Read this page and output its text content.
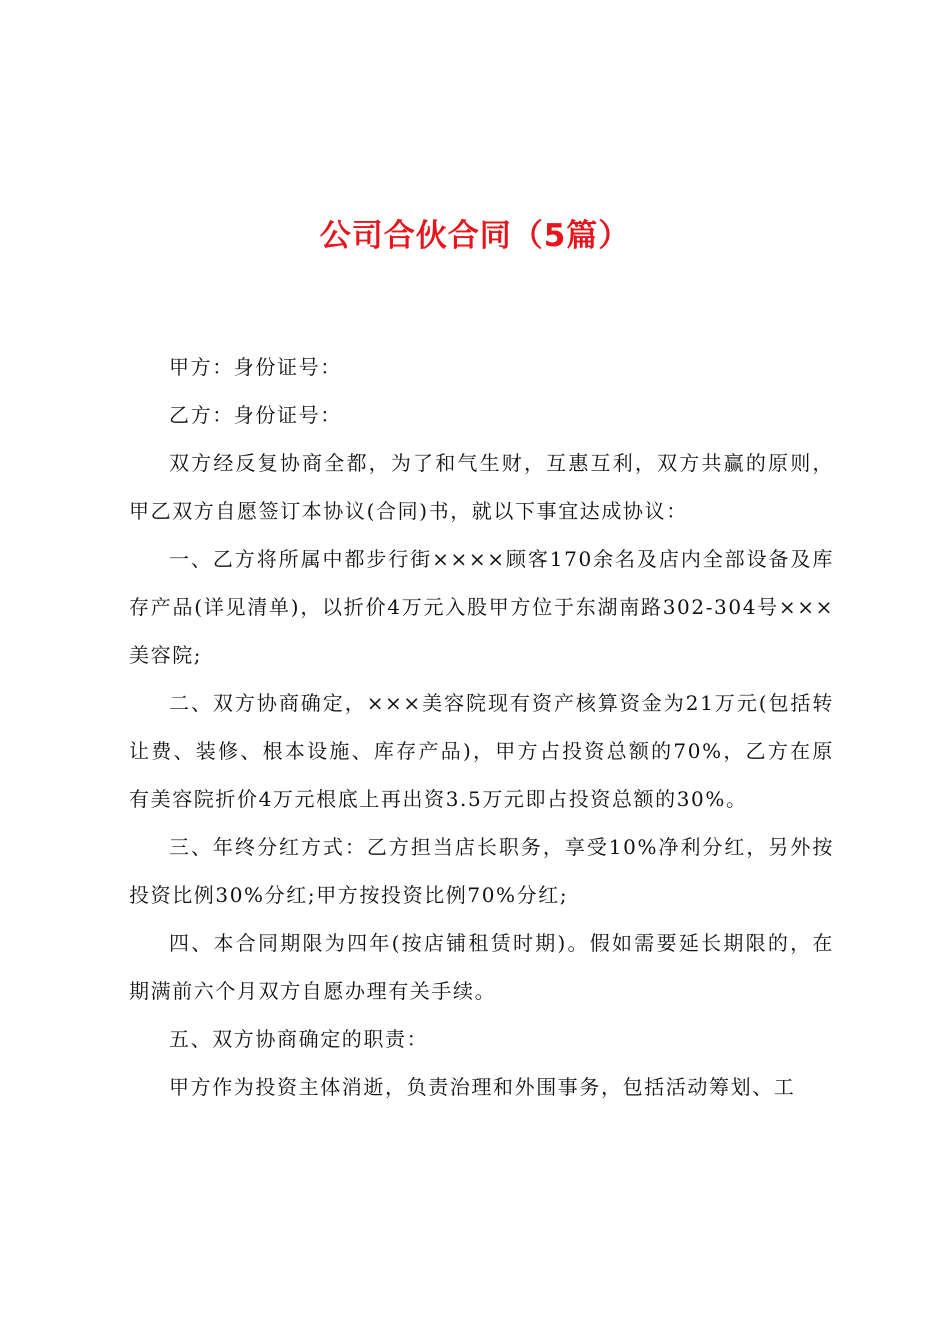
公司合伙合同（5篇）

甲方：身份证号：

乙方：身份证号：

双方经反复协商全都，为了和气生财，互惠互利，双方共赢的原则，甲乙双方自愿签订本协议(合同)书，就以下事宜达成协议：

一、乙方将所属中都步行街××××顾客170余名及店内全部设备及库存产品(详见清单)，以折价4万元入股甲方位于东湖南路302-304号×××美容院;

二、双方协商确定，×××美容院现有资产核算资金为21万元(包括转让费、装修、根本设施、库存产品)，甲方占投资总额的70%，乙方在原有美容院折价4万元根底上再出资3.5万元即占投资总额的30%。

三、年终分红方式：乙方担当店长职务，享受10%净利分红，另外按投资比例30%分红;甲方按投资比例70%分红;

四、本合同期限为四年(按店铺租赁时期)。假如需要延长期限的，在期满前六个月双方自愿办理有关手续。

五、双方协商确定的职责：

甲方作为投资主体消逝，负责治理和外围事务，包括活动筹划、工
